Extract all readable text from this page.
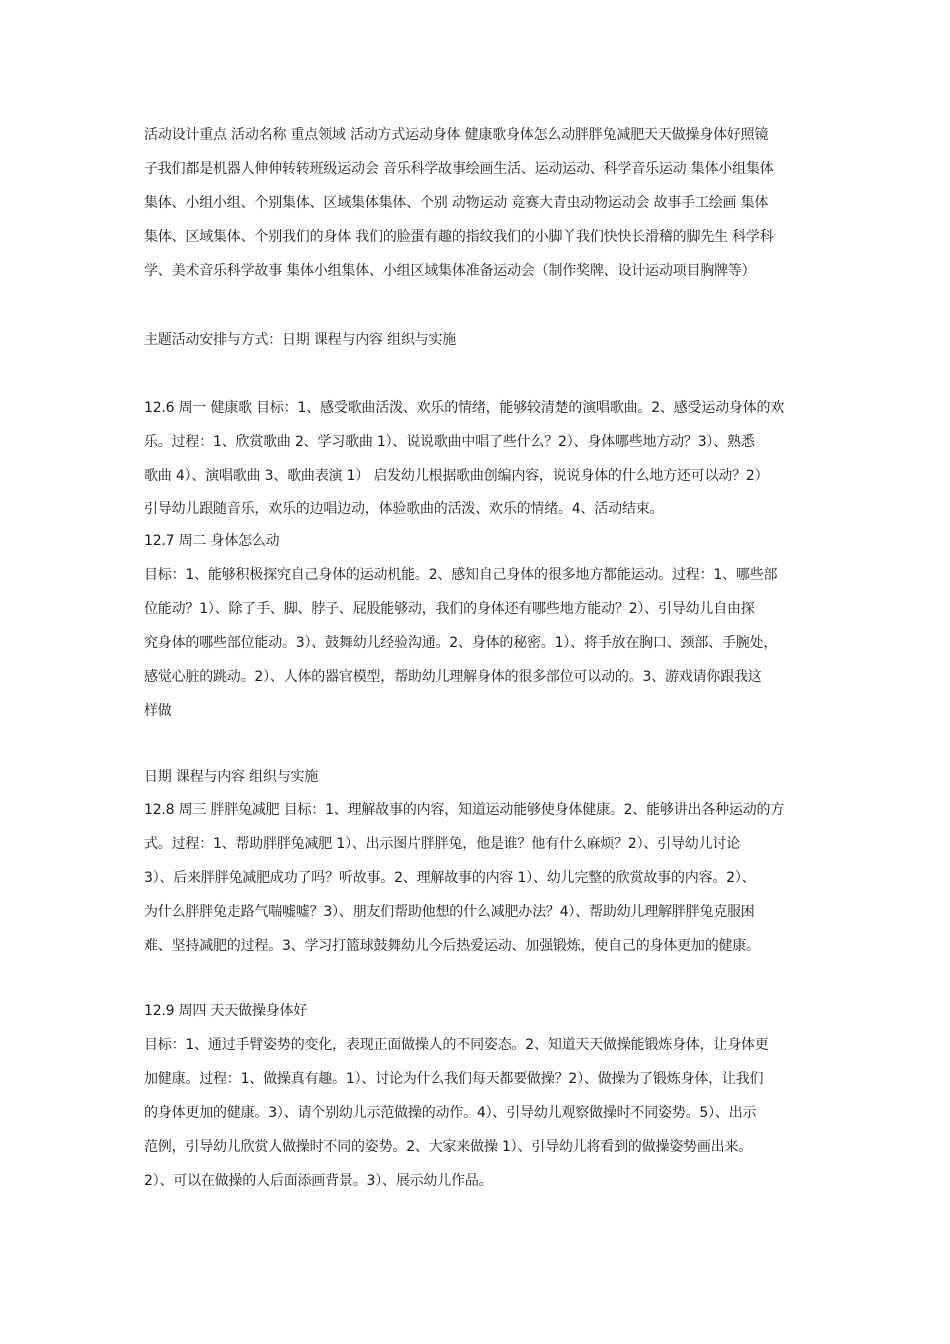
活动设计重点 活动名称 重点领域 活动方式运动身体 健康歌身体怎么动胖胖兔减肥天天做操身体好照镜

子我们都是机器人伸伸转转班级运动会 音乐科学故事绘画生活、运动运动、科学音乐运动 集体小组集体

集体、小组小组、个别集体、区域集体集体、个别 动物运动 竞赛大青虫动物运动会 故事手工绘画 集体

集体、区域集体、个别我们的身体 我们的脸蛋有趣的指纹我们的小脚丫我们快快长滑稽的脚先生 科学科

学、美术音乐科学故事 集体小组集体、小组区域集体准备运动会（制作奖牌、设计运动项目胸牌等）

主题活动安排与方式：日期 课程与内容 组织与实施

12.6 周一 健康歌 目标：1、感受歌曲活泼、欢乐的情绪，能够较清楚的演唱歌曲。2、感受运动身体的欢

乐。过程：1、欣赏歌曲 2、学习歌曲 1）、说说歌曲中唱了些什么？2）、身体哪些地方动？3）、熟悉

歌曲 4）、演唱歌曲 3、歌曲表演 1） 启发幼儿根据歌曲创编内容，说说身体的什么地方还可以动？2）

引导幼儿跟随音乐，欢乐的边唱边动，体验歌曲的活泼、欢乐的情绪。4、活动结束。

12.7 周二 身体怎么动

目标：1、能够积极探究自己身体的运动机能。2、感知自己身体的很多地方都能运动。过程：1、哪些部

位能动？1）、除了手、脚、脖子、屁股能够动，我们的身体还有哪些地方能动？2）、引导幼儿自由探

究身体的哪些部位能动。3）、鼓舞幼儿经验沟通。2、身体的秘密。1）、将手放在胸口、颈部、手腕处，

感觉心脏的跳动。2）、人体的器官模型，帮助幼儿理解身体的很多部位可以动的。3、游戏请你跟我这

样做

日期 课程与内容 组织与实施

12.8 周三 胖胖兔减肥 目标：1、理解故事的内容，知道运动能够使身体健康。2、能够讲出各种运动的方

式。过程：1、帮助胖胖兔减肥 1）、出示图片胖胖兔，他是谁？他有什么麻烦？2）、引导幼儿讨论

3）、后来胖胖兔减肥成功了吗？听故事。2、理解故事的内容 1）、幼儿完整的欣赏故事的内容。2）、

为什么胖胖兔走路气喘嘘嘘？3）、朋友们帮助他想的什么减肥办法？4）、帮助幼儿理解胖胖兔克服困

难、坚持减肥的过程。3、学习打篮球鼓舞幼儿今后热爱运动、加强锻炼，使自己的身体更加的健康。

12.9 周四 天天做操身体好

目标：1、通过手臂姿势的变化，表现正面做操人的不同姿态。2、知道天天做操能锻炼身体，让身体更

加健康。过程：1、做操真有趣。1）、讨论为什么我们每天都要做操？2）、做操为了锻炼身体，让我们

的身体更加的健康。3）、请个别幼儿示范做操的动作。4）、引导幼儿观察做操时不同姿势。5）、出示

范例，引导幼儿欣赏人做操时不同的姿势。2、大家来做操 1）、引导幼儿将看到的做操姿势画出来。

2）、可以在做操的人后面添画背景。3）、展示幼儿作品。
